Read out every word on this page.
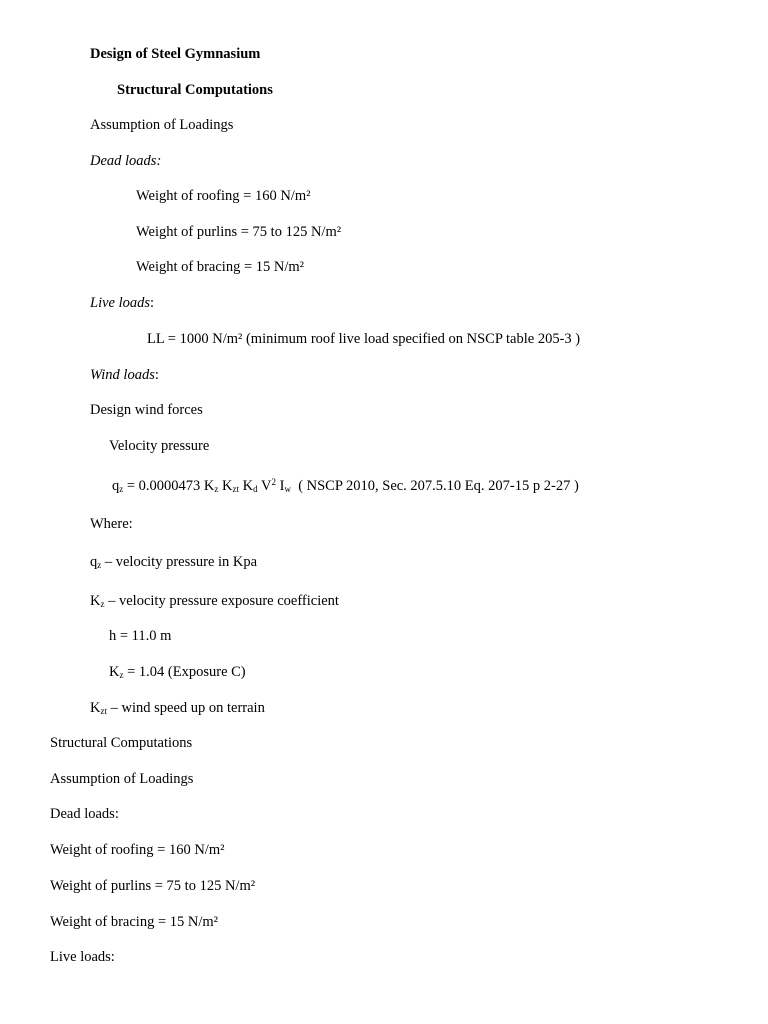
Design of Steel Gymnasium
Structural Computations
Assumption of Loadings
Dead loads:
Weight of roofing = 160 N/m²
Weight of purlins = 75 to 125 N/m²
Weight of bracing = 15 N/m²
Live loads:
LL = 1000 N/m² (minimum roof live load specified on NSCP table 205-3 )
Wind loads:
Design wind forces
Velocity pressure
$q_z = 0.0000473$ $K_z$ $K_{zt}$ $K_d$ $V^2$ $I_w$  ( NSCP 2010, Sec. 207.5.10 Eq. 207-15 p 2-27 )
Where:
$q_z$ – velocity pressure in Kpa
$K_z$ – velocity pressure exposure coefficient
h = 11.0 m
$K_z = 1.04$ (Exposure C)
$K_{zt}$ – wind speed up on terrain
Structural Computations
Assumption of Loadings
Dead loads:
Weight of roofing = 160 N/m²
Weight of purlins = 75 to 125 N/m²
Weight of bracing = 15 N/m²
Live loads:
